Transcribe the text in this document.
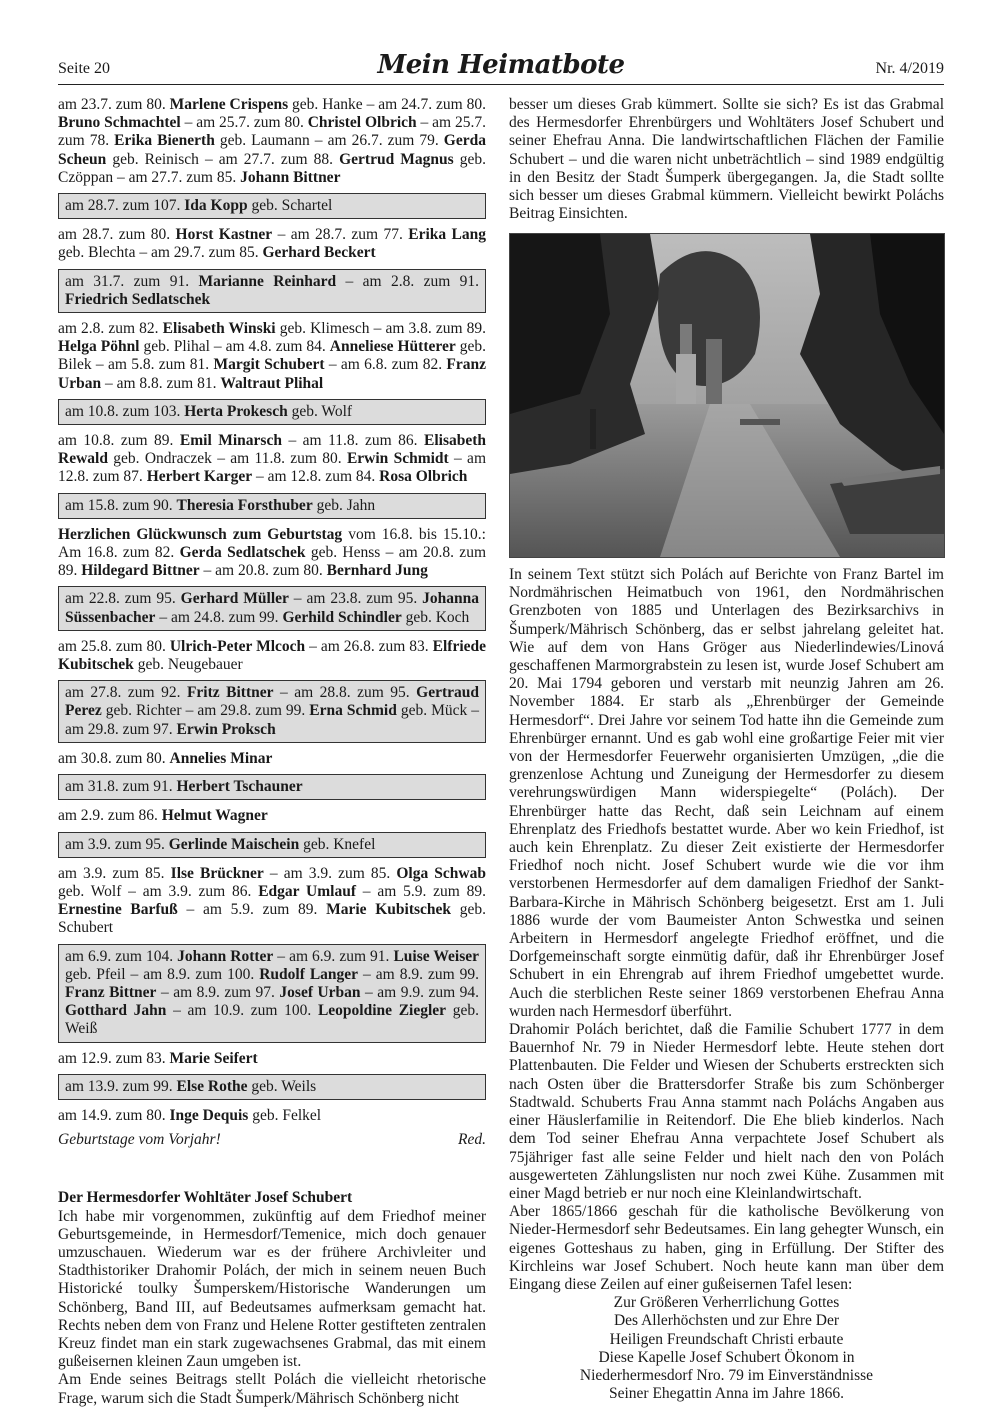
Seite 20	Mein Heimatbote	Nr. 4/2019

am 23.7. zum 80. Marlene Crispens geb. Hanke – am 24.7. zum 80. Bruno Schmachtel – am 25.7. zum 80. Christel Olbrich – am 25.7. zum 78. Erika Bienerth geb. Laumann – am 26.7. zum 79. Gerda Scheun geb. Reinisch – am 27.7. zum 88. Gertrud Magnus geb. Czöppan – am 27.7. zum 85. Johann Bittner

am 28.7. zum 107. Ida Kopp geb. Schartel

am 28.7. zum 80. Horst Kastner – am 28.7. zum 77. Erika Lang geb. Blechta – am 29.7. zum 85. Gerhard Beckert

am 31.7. zum 91. Marianne Reinhard – am 2.8. zum 91. Friedrich Sedlatschek

am 2.8. zum 82. Elisabeth Winski geb. Klimesch – am 3.8. zum 89. Helga Pöhnl geb. Plihal – am 4.8. zum 84. Anneliese Hütterer geb. Bilek – am 5.8. zum 81. Margit Schubert – am 6.8. zum 82. Franz Urban – am 8.8. zum 81. Waltraut Plihal

am 10.8. zum 103. Herta Prokesch geb. Wolf

am 10.8. zum 89. Emil Minarsch – am 11.8. zum 86. Elisabeth Rewald geb. Ondraczek – am 11.8. zum 80. Erwin Schmidt – am 12.8. zum 87. Herbert Karger – am 12.8. zum 84. Rosa Olbrich

am 15.8. zum 90. Theresia Forsthuber geb. Jahn

Herzlichen Glückwunsch zum Geburtstag vom 16.8. bis 15.10.: Am 16.8. zum 82. Gerda Sedlatschek geb. Henss – am 20.8. zum 89. Hildegard Bittner – am 20.8. zum 80. Bernhard Jung

am 22.8. zum 95. Gerhard Müller – am 23.8. zum 95. Johanna Süssenbacher – am 24.8. zum 99. Gerhild Schindler geb. Koch

am 25.8. zum 80. Ulrich-Peter Mlcoch – am 26.8. zum 83. Elfriede Kubitschek geb. Neugebauer

am 27.8. zum 92. Fritz Bittner – am 28.8. zum 95. Gertraud Perez geb. Richter – am 29.8. zum 99. Erna Schmid geb. Mück – am 29.8. zum 97. Erwin Proksch

am 30.8. zum 80. Annelies Minar

am 31.8. zum 91. Herbert Tschauner

am 2.9. zum 86. Helmut Wagner

am 3.9. zum 95. Gerlinde Maischein geb. Knefel

am 3.9. zum 85. Ilse Brückner – am 3.9. zum 85. Olga Schwab geb. Wolf – am 3.9. zum 86. Edgar Umlauf – am 5.9. zum 89. Ernestine Barfuß – am 5.9. zum 89. Marie Kubitschek geb. Schubert

am 6.9. zum 104. Johann Rotter – am 6.9. zum 91. Luise Weiser geb. Pfeil – am 8.9. zum 100. Rudolf Langer – am 8.9. zum 99. Franz Bittner – am 8.9. zum 97. Josef Urban – am 9.9. zum 94. Gotthard Jahn – am 10.9. zum 100. Leopoldine Ziegler geb. Weiß

am 12.9. zum 83. Marie Seifert

am 13.9. zum 99. Else Rothe geb. Weils

am 14.9. zum 80. Inge Dequis geb. Felkel

Geburtstage vom Vorjahr!	Red.
Der Hermesdorfer Wohltäter Josef Schubert

Ich habe mir vorgenommen, zukünftig auf dem Friedhof meiner Geburtsgemeinde, in Hermesdorf/Temenice, mich doch genauer umzuschauen. Wiederum war es der frühere Archivleiter und Stadthistoriker Drahomir Polách, der mich in seinem neuen Buch Historické toulky Šumperskem/Historische Wanderungen um Schönberg, Band III, auf Bedeutsames aufmerksam gemacht hat. Rechts neben dem von Franz und Helene Rotter gestifteten zentralen Kreuz findet man ein stark zugewachsenes Grabmal, das mit einem gußeisernen kleinen Zaun umgeben ist.

Am Ende seines Beitrags stellt Polách die vielleicht rhetorische Frage, warum sich die Stadt Šumperk/Mährisch Schönberg nicht

besser um dieses Grab kümmert. Sollte sie sich? Es ist das Grabmal des Hermesdorfer Ehrenbürgers und Wohltäters Josef Schubert und seiner Ehefrau Anna. Die landwirtschaftlichen Flächen der Familie Schubert – und die waren nicht unbeträchtlich – sind 1989 endgültig in den Besitz der Stadt Šumperk übergegangen. Ja, die Stadt sollte sich besser um dieses Grabmal kümmern. Vielleicht bewirkt Poláchs Beitrag Einsichten.

In seinem Text stützt sich Polách auf Berichte von Franz Bartel im Nordmährischen Heimatbuch von 1961, den Nordmährischen Grenzboten von 1885 und Unterlagen des Bezirksarchivs in Šumperk/Mährisch Schönberg, das er selbst jahrelang geleitet hat. Wie auf dem von Hans Gröger aus Niederlindewies/Linová geschaffenen Marmorgrabstein zu lesen ist, wurde Josef Schubert am 20. Mai 1794 geboren und verstarb mit neunzig Jahren am 26. November 1884. Er starb als „Ehrenbürger der Gemeinde Hermesdorf“. Drei Jahre vor seinem Tod hatte ihn die Gemeinde zum Ehrenbürger ernannt. Und es gab wohl eine großartige Feier mit vier von der Hermesdorfer Feuerwehr organisierten Umzügen, „die die grenzenlose Achtung und Zuneigung der Hermesdorfer zu diesem verehrungswürdigen Mann widerspiegelte“ (Polách). Der Ehrenbürger hatte das Recht, daß sein Leichnam auf einem Ehrenplatz des Friedhofs bestattet wurde. Aber wo kein Friedhof, ist auch kein Ehrenplatz. Zu dieser Zeit existierte der Hermesdorfer Friedhof noch nicht. Josef Schubert wurde wie die vor ihm verstorbenen Hermesdorfer auf dem damaligen Friedhof der Sankt-Barbara-Kirche in Mährisch Schönberg beigesetzt. Erst am 1. Juli 1886 wurde der vom Baumeister Anton Schwestka und seinen Arbeitern in Hermesdorf angelegte Friedhof eröffnet, und die Dorfgemeinschaft sorgte einmütig dafür, daß ihr Ehrenbürger Josef Schubert in ein Ehrengrab auf ihrem Friedhof umgebettet wurde. Auch die sterblichen Reste seiner 1869 verstorbenen Ehefrau Anna wurden nach Hermesdorf überführt.

Drahomir Polách berichtet, daß die Familie Schubert 1777 in dem Bauernhof Nr. 79 in Nieder Hermesdorf lebte. Heute stehen dort Plattenbauten. Die Felder und Wiesen der Schuberts erstreckten sich nach Osten über die Brattersdorfer Straße bis zum Schönberger Stadtwald. Schuberts Frau Anna stammt nach Poláchs Angaben aus einer Häuslerfamilie in Reitendorf. Die Ehe blieb kinderlos. Nach dem Tod seiner Ehefrau Anna verpachtete Josef Schubert als 75jähriger fast alle seine Felder und hielt nach den von Polách ausgewerteten Zählungslisten nur noch zwei Kühe. Zusammen mit einer Magd betrieb er nur noch eine Kleinlandwirtschaft.

Aber 1865/1866 geschah für die katholische Bevölkerung von Nieder-Hermesdorf sehr Bedeutsames. Ein lang gehegter Wunsch, ein eigenes Gotteshaus zu haben, ging in Erfüllung. Der Stifter des Kirchleins war Josef Schubert. Noch heute kann man über dem Eingang diese Zeilen auf einer gußeisernen Tafel lesen:

Zur Größeren Verherrlichung Gottes
Des Allerhöchsten und zur Ehre Der
Heiligen Freundschaft Christi erbaute
Diese Kapelle Josef Schubert Ökonom in
Niederhermesdorf Nro. 79 im Einverständnisse
Seiner Ehegattin Anna im Jahre 1866.
